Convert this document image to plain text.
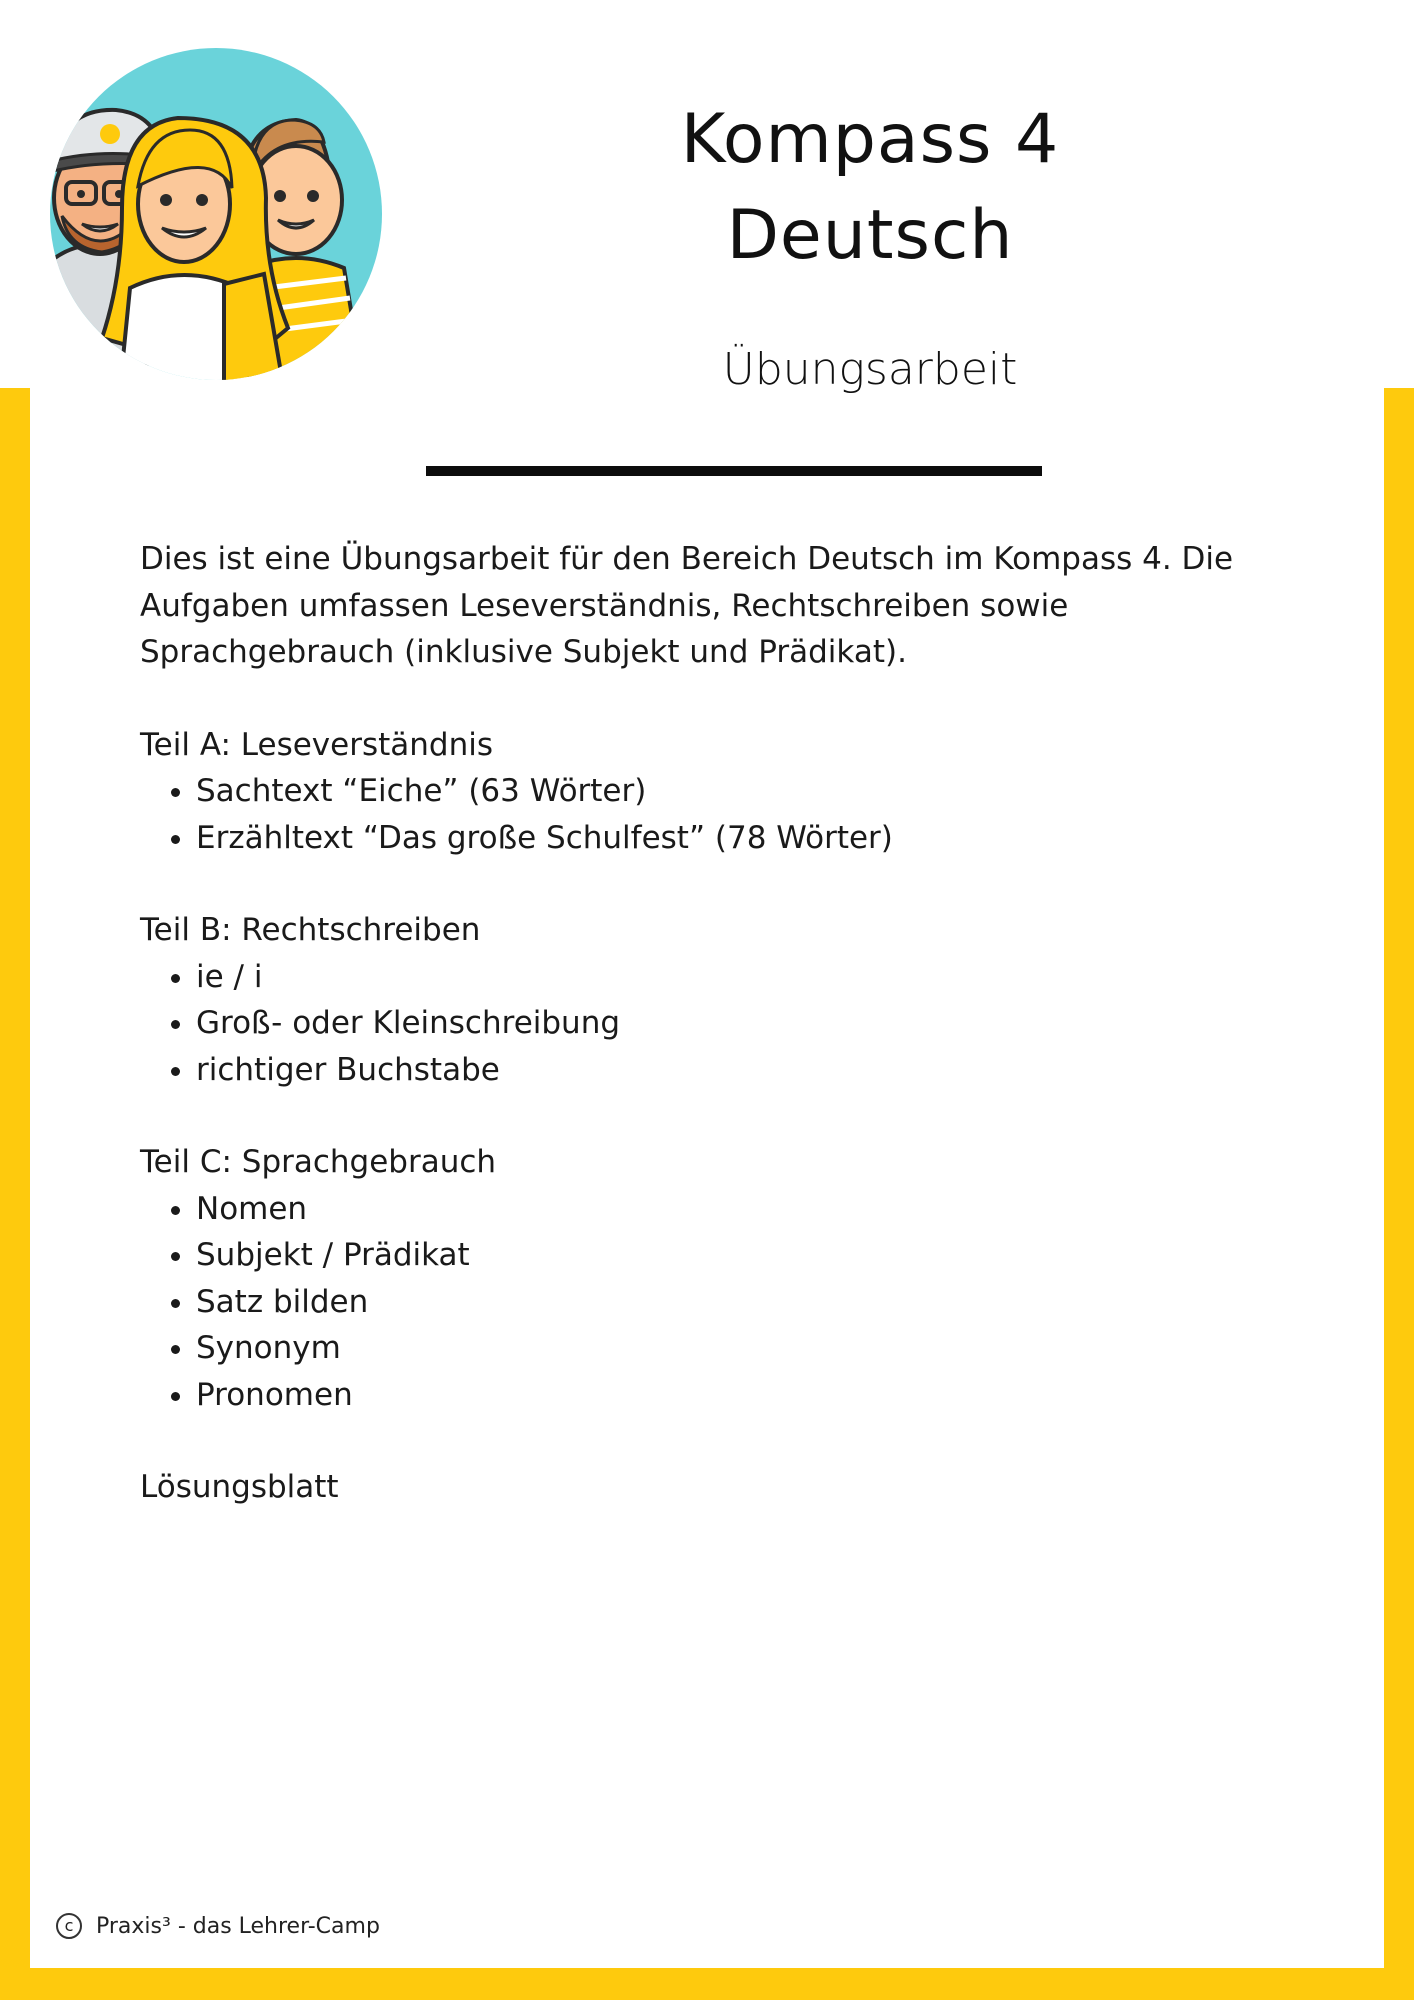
Kompass 4
Deutsch
Übungsarbeit

Dies ist eine Übungsarbeit für den Bereich Deutsch im Kompass 4. Die Aufgaben umfassen Leseverständnis, Rechtschreiben sowie Sprachgebrauch (inklusive Subjekt und Prädikat).

Teil A: Leseverständnis

• Sachtext “Eiche” (63 Wörter)
• Erzähltext “Das große Schulfest” (78 Wörter)

Teil B: Rechtschreiben

• ie / i
• Groß- oder Kleinschreibung
• richtiger Buchstabe

Teil C: Sprachgebrauch

• Nomen
• Subjekt / Prädikat
• Satz bilden
• Synonym
• Pronomen

Lösungsblatt

c	Praxis³ - das Lehrer-Camp
